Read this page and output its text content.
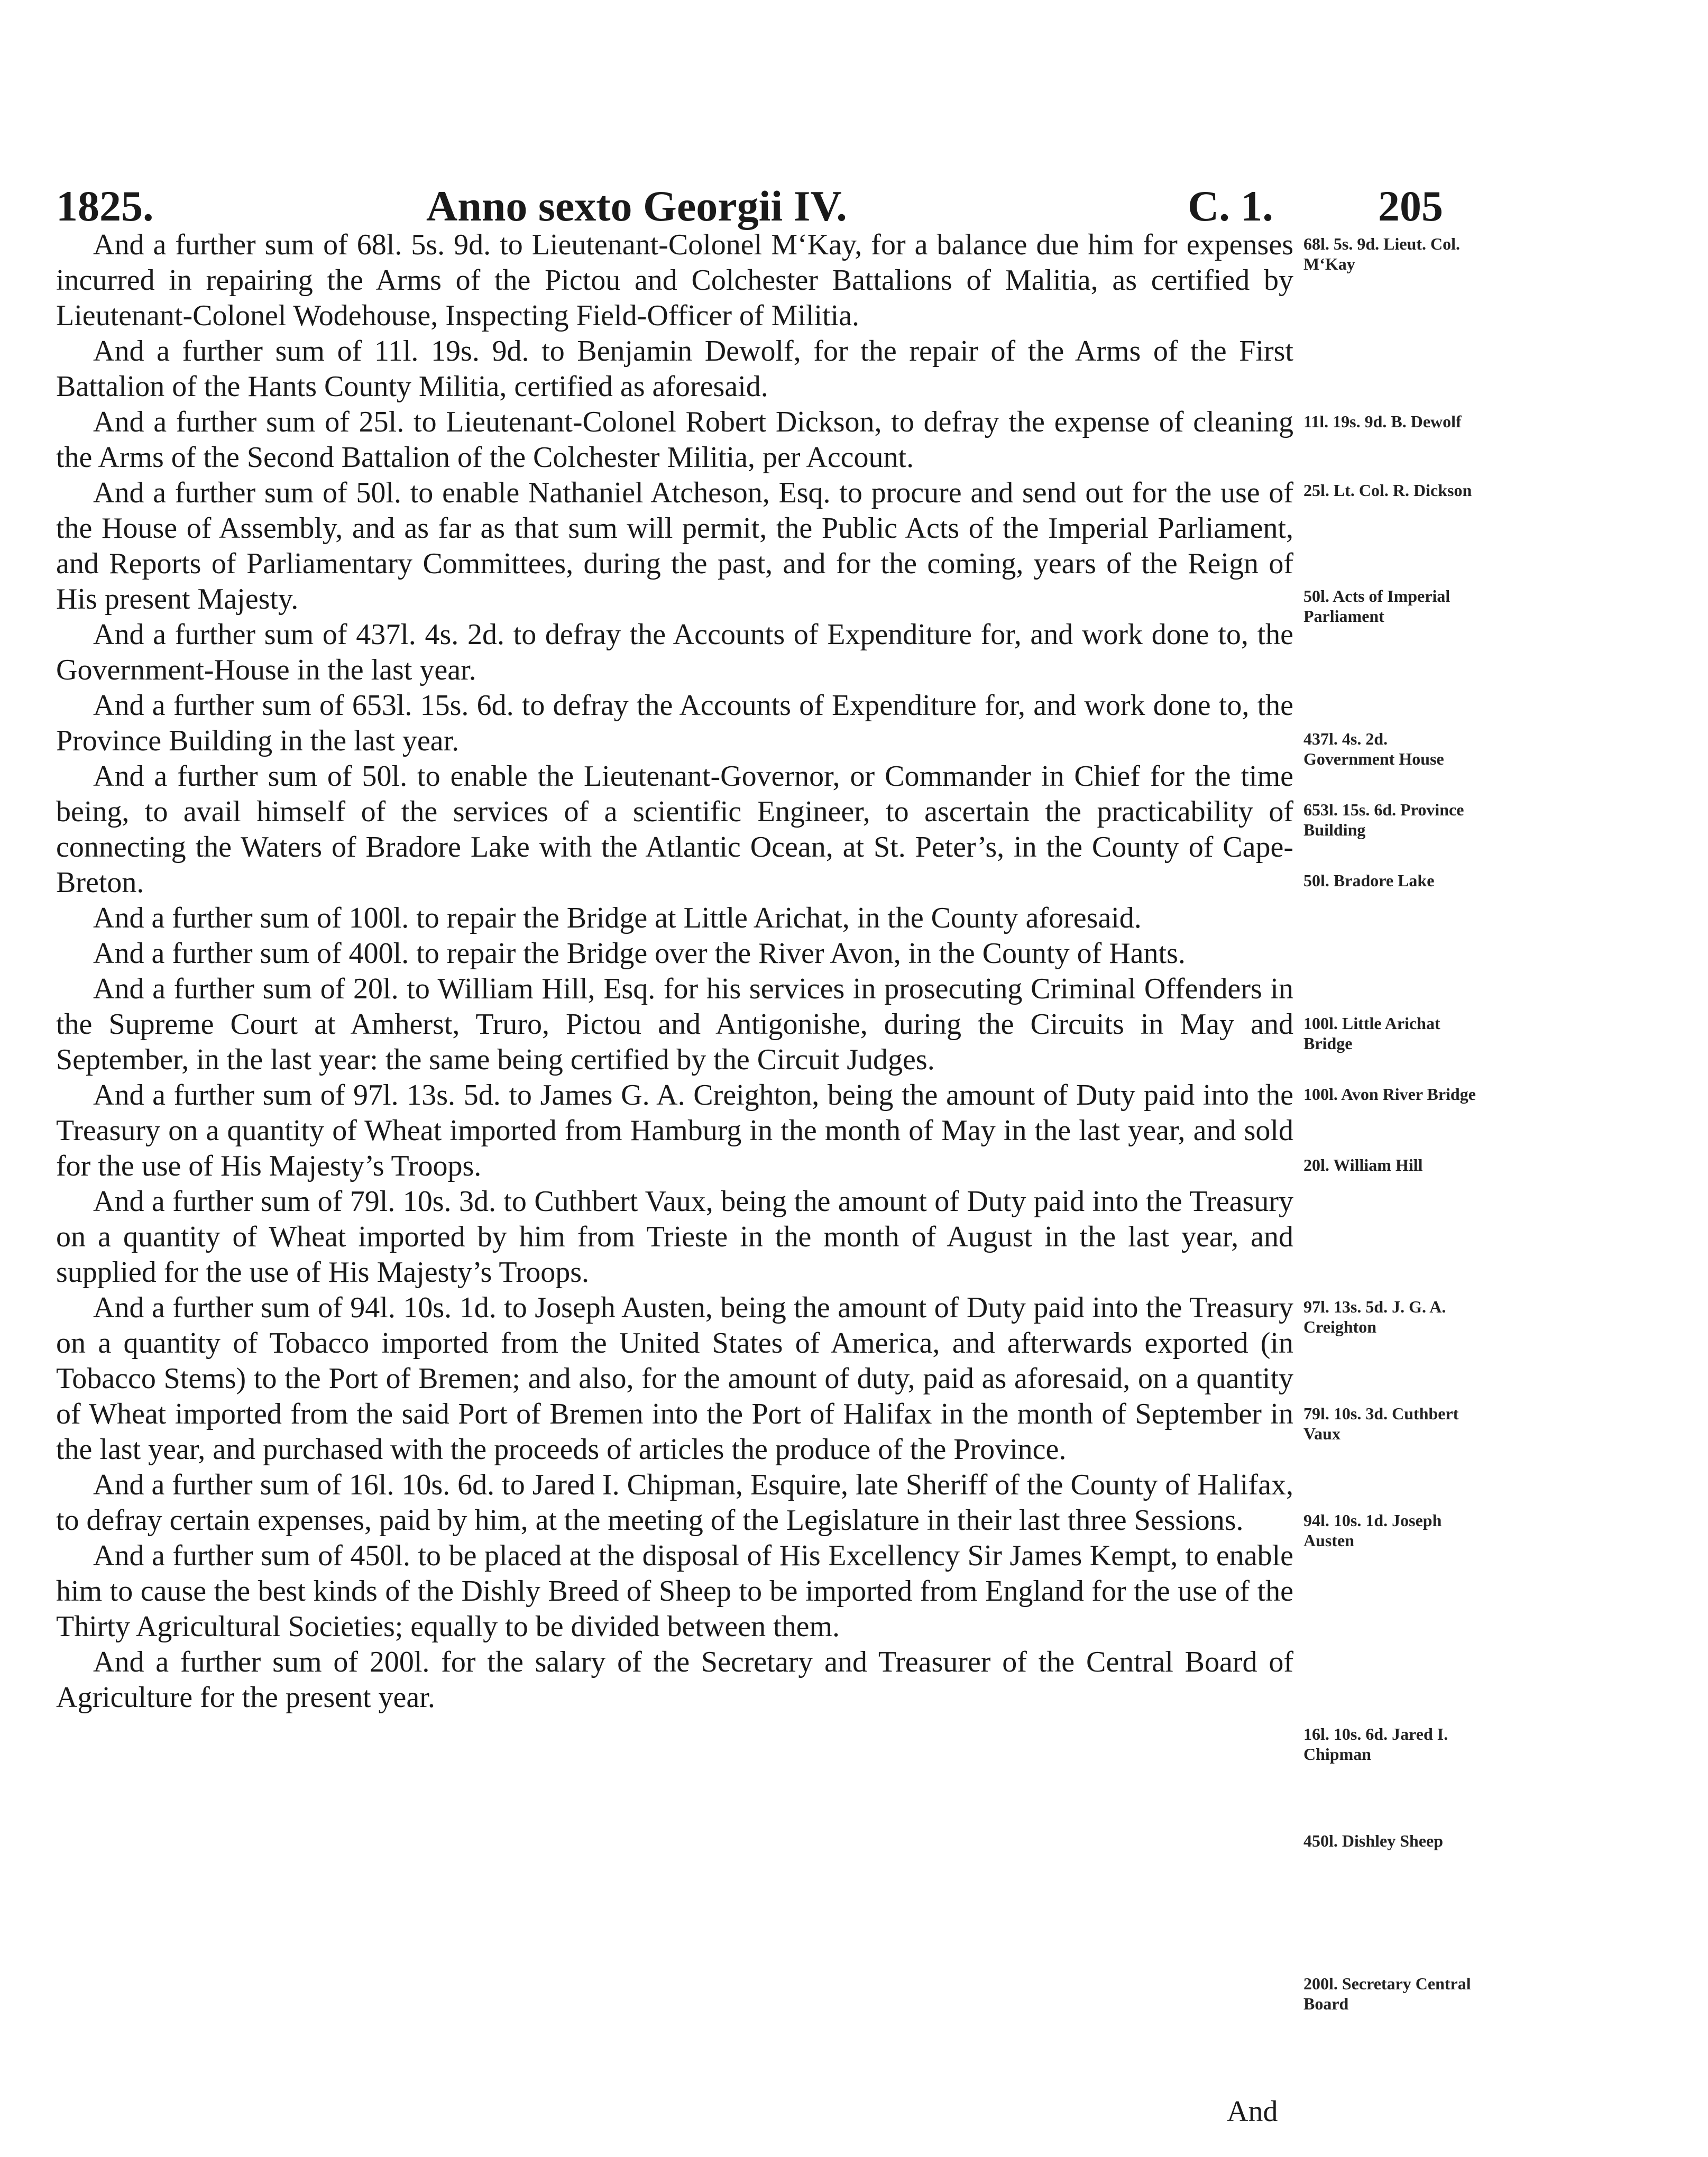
1825.	Anno sexto Georgii IV.	C. 1. 205

And a further sum of 68l. 5s. 9d. to Lieutenant-Colonel M‘Kay, for a balance due him for expenses incurred in repairing the Arms of the Pictou and Colchester Battalions of Malitia, as certified by Lieutenant-Colonel Wodehouse, Inspecting Field-Officer of Militia.

And a further sum of 11l. 19s. 9d. to Benjamin Dewolf, for the repair of the Arms of the First Battalion of the Hants County Militia, certified as aforesaid.

And a further sum of 25l. to Lieutenant-Colonel Robert Dickson, to defray the expense of cleaning the Arms of the Second Battalion of the Colchester Militia, per Account.

And a further sum of 50l. to enable Nathaniel Atcheson, Esq. to procure and send out for the use of the House of Assembly, and as far as that sum will permit, the Public Acts of the Imperial Parliament, and Reports of Parliamentary Committees, during the past, and for the coming, years of the Reign of His present Majesty.

And a further sum of 437l. 4s. 2d. to defray the Accounts of Expenditure for, and work done to, the Government-House in the last year.

And a further sum of 653l. 15s. 6d. to defray the Accounts of Expenditure for, and work done to, the Province Building in the last year.

And a further sum of 50l. to enable the Lieutenant-Governor, or Commander in Chief for the time being, to avail himself of the services of a scientific Engineer, to ascertain the practicability of connecting the Waters of Bradore Lake with the Atlantic Ocean, at St. Peter’s, in the County of Cape-Breton.

And a further sum of 100l. to repair the Bridge at Little Arichat, in the County aforesaid.

And a further sum of 400l. to repair the Bridge over the River Avon, in the County of Hants.

And a further sum of 20l. to William Hill, Esq. for his services in prosecuting Criminal Offenders in the Supreme Court at Amherst, Truro, Pictou and Antigonishe, during the Circuits in May and September, in the last year: the same being certified by the Circuit Judges.

And a further sum of 97l. 13s. 5d. to James G. A. Creighton, being the amount of Duty paid into the Treasury on a quantity of Wheat imported from Hamburg in the month of May in the last year, and sold for the use of His Majesty’s Troops.

And a further sum of 79l. 10s. 3d. to Cuthbert Vaux, being the amount of Duty paid into the Treasury on a quantity of Wheat imported by him from Trieste in the month of August in the last year, and supplied for the use of His Majesty’s Troops.

And a further sum of 94l. 10s. 1d. to Joseph Austen, being the amount of Duty paid into the Treasury on a quantity of Tobacco imported from the United States of America, and afterwards exported (in Tobacco Stems) to the Port of Bremen; and also, for the amount of duty, paid as aforesaid, on a quantity of Wheat imported from the said Port of Bremen into the Port of Halifax in the month of September in the last year, and purchased with the proceeds of articles the produce of the Province.

And a further sum of 16l. 10s. 6d. to Jared I. Chipman, Esquire, late Sheriff of the County of Halifax, to defray certain expenses, paid by him, at the meeting of the Legislature in their last three Sessions.

And a further sum of 450l. to be placed at the disposal of His Excellency Sir James Kempt, to enable him to cause the best kinds of the Dishly Breed of Sheep to be imported from England for the use of the Thirty Agricultural Societies; equally to be divided between them.

And a further sum of 200l. for the salary of the Secretary and Treasurer of the Central Board of Agriculture for the present year.

68l. 5s. 9d. Lieut. Col. M‘Kay
11l. 19s. 9d. B. Dewolf
25l. Lt. Col. R. Dickson
50l. Acts of Imperial Parliament
437l. 4s. 2d. Government House
653l. 15s. 6d. Province Building
50l. Bradore Lake
100l. Little Arichat Bridge
100l. Avon River Bridge
20l. William Hill
97l. 13s. 5d. J. G. A. Creighton
79l. 10s. 3d. Cuthbert Vaux
94l. 10s. 1d. Joseph Austen
16l. 10s. 6d. Jared I. Chipman
450l. Dishley Sheep
200l. Secretary Central Board
And
